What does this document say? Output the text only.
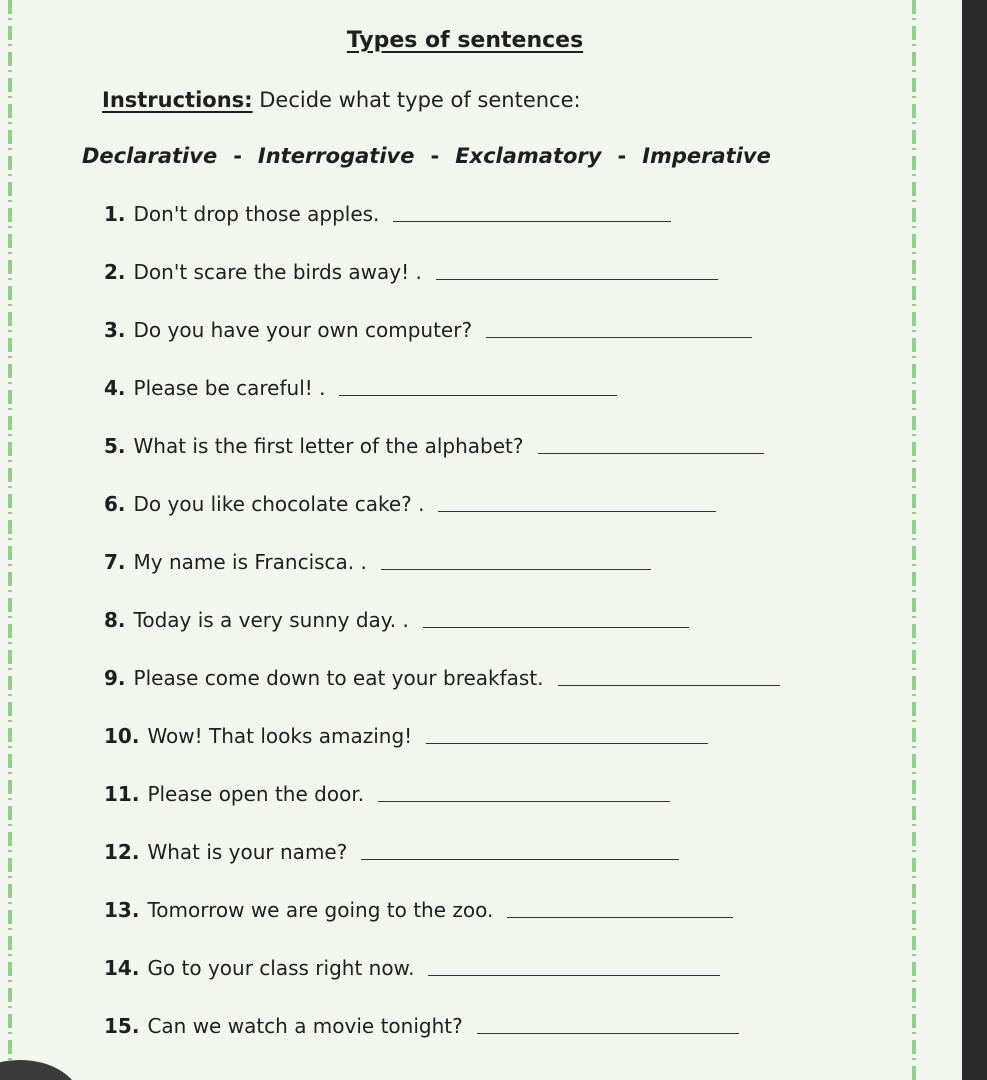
Types of sentences
Instructions: Decide what type of sentence:
Declarative - Interrogative - Exclamatory - Imperative
1. Don't drop those apples.
2. Don't scare the birds away! .
3. Do you have your own computer?
4. Please be careful! .
5. What is the first letter of the alphabet?
6. Do you like chocolate cake? .
7. My name is Francisca. .
8. Today is a very sunny day. .
9. Please come down to eat your breakfast.
10. Wow! That looks amazing!
11. Please open the door.
12. What is your name?
13. Tomorrow we are going to the zoo.
14. Go to your class right now.
15. Can we watch a movie tonight?
